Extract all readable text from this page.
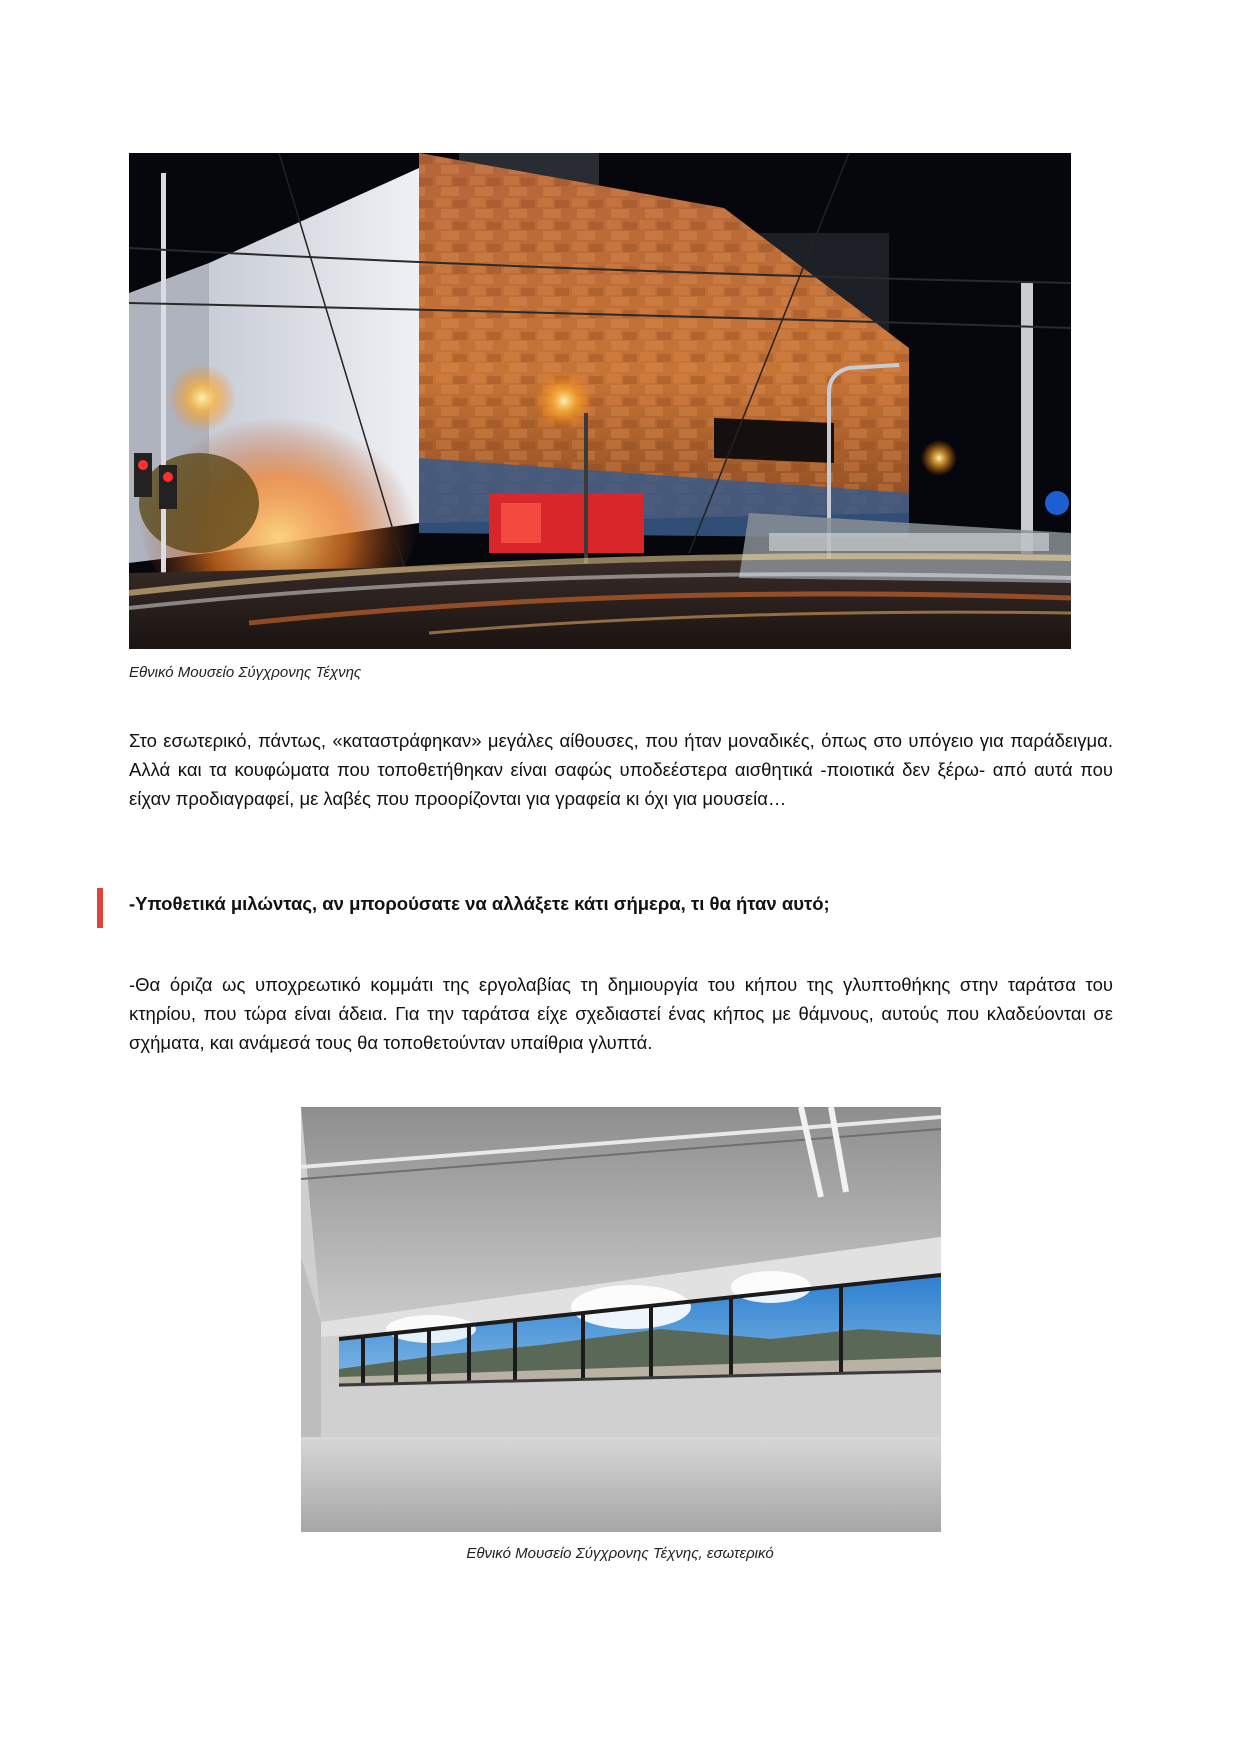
Εθνικό Μουσείο Σύγχρονης Τέχνης

Στο εσωτερικό, πάντως, «καταστράφηκαν» μεγάλες αίθουσες, που ήταν μοναδικές, όπως στο υπόγειο για παράδειγμα. Αλλά και τα κουφώματα που τοποθετήθηκαν είναι σαφώς υποδεέστερα αισθητικά -ποιοτικά δεν ξέρω- από αυτά που είχαν προδιαγραφεί, με λαβές που προορίζονται για γραφεία κι όχι για μουσεία…

-Υποθετικά μιλώντας, αν μπορούσατε να αλλάξετε κάτι σήμερα, τι θα ήταν αυτό;

-Θα όριζα ως υποχρεωτικό κομμάτι της εργολαβίας τη δημιουργία του κήπου της γλυπτοθήκης στην ταράτσα του κτηρίου, που τώρα είναι άδεια. Για την ταράτσα είχε σχεδιαστεί ένας κήπος με θάμνους, αυτούς που κλαδεύονται σε σχήματα, και ανάμεσά τους θα τοποθετούνταν υπαίθρια γλυπτά.

Εθνικό Μουσείο Σύγχρονης Τέχνης, εσωτερικό
